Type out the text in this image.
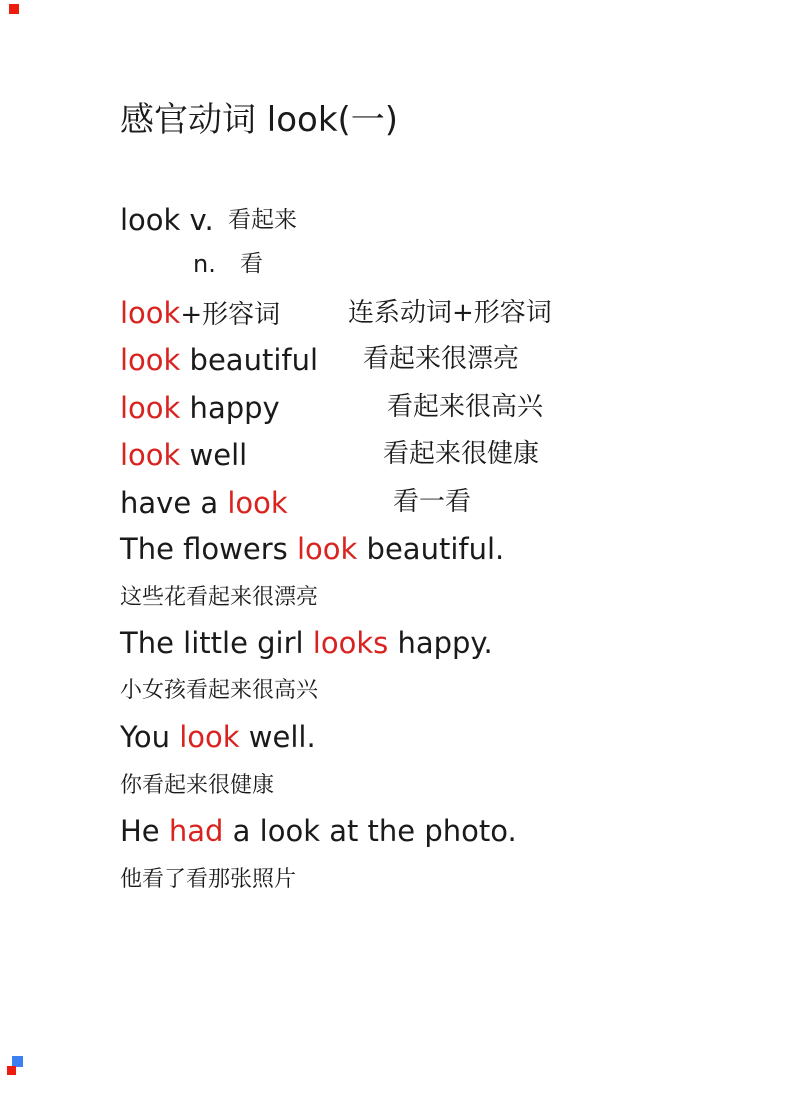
感官动词 look(一)
look v. 看起来
n. 看
look+形容词	连系动词+形容词
look beautiful 看起来很漂亮
look happy	看起来很高兴
look well	看起来很健康
have a look	看一看
The flowers look beautiful.
这些花看起来很漂亮
The little girl looks happy.
小女孩看起来很高兴
You look well.
你看起来很健康
He had a look at the photo.
他看了看那张照片
